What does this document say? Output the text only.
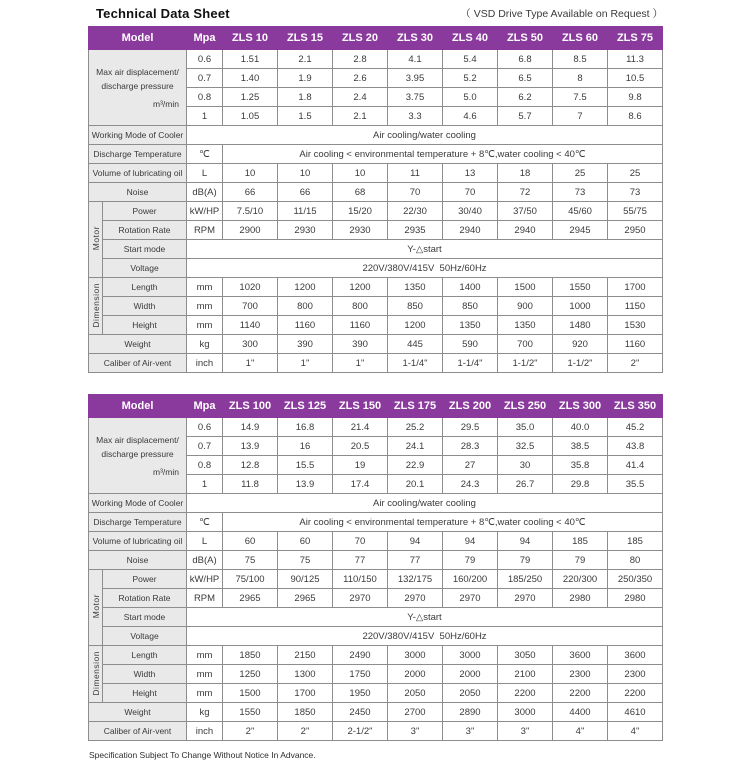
Technical Data Sheet	（ VSD Drive Type Available on Request ）
Model		Mpa	ZLS 10	ZLS 15	ZLS 20	ZLS 30	ZLS 40	ZLS 50	ZLS 60	ZLS 75

Max air displacement/
discharge pressure
m³/min		0.6	1.51	2.1	2.8	4.1	5.4	6.8	8.5	11.3
		0.7	1.40	1.9	2.6	3.95	5.2	6.5	8	10.5
		0.8	1.25	1.8	2.4	3.75	5.0	6.2	7.5	9.8
		1	1.05	1.5	2.1	3.3	4.6	5.7	7	8.6
Working Mode of Cooler		Air cooling/water cooling								
Discharge Temperature		℃	Air cooling < environmental temperature + 8℃,water cooling < 40℃							
Volume of lubricating oil		L	10	10	10	11	13	18	25	25
Noise		dB(A)	66	66	68	70	70	72	73	73
Motor	Power	kW/HP	7.5/10	11/15	15/20	22/30	30/40	37/50	45/60	55/75
	Rotation Rate	RPM	2900	2930	2930	2935	2940	2940	2945	2950
	Start mode	Y-△start								
	Voltage	220V/380V/415V  50Hz/60Hz								
Dimension	Length	mm	1020	1200	1200	1350	1400	1500	1550	1700
	Width	mm	700	800	800	850	850	900	1000	1150
	Height	mm	1140	1160	1160	1200	1350	1350	1480	1530
Weight		kg	300	390	390	445	590	700	920	1160
Caliber of Air-vent		inch	1"	1"	1"	1-1/4"	1-1/4"	1-1/2"	1-1/2"	2"
Model		Mpa	ZLS 100	ZLS 125	ZLS 150	ZLS 175	ZLS 200	ZLS 250	ZLS 300	ZLS 350

Max air displacement/
discharge pressure
m³/min		0.6	14.9	16.8	21.4	25.2	29.5	35.0	40.0	45.2
		0.7	13.9	16	20.5	24.1	28.3	32.5	38.5	43.8
		0.8	12.8	15.5	19	22.9	27	30	35.8	41.4
		1	11.8	13.9	17.4	20.1	24.3	26.7	29.8	35.5
Working Mode of Cooler		Air cooling/water cooling								
Discharge Temperature		℃	Air cooling < environmental temperature + 8℃,water cooling < 40℃							
Volume of lubricating oil		L	60	60	70	94	94	94	185	185
Noise		dB(A)	75	75	77	77	79	79	79	80
Motor	Power	kW/HP	75/100	90/125	110/150	132/175	160/200	185/250	220/300	250/350
	Rotation Rate	RPM	2965	2965	2970	2970	2970	2970	2980	2980
	Start mode	Y-△start								
	Voltage	220V/380V/415V  50Hz/60Hz								
Dimension	Length	mm	1850	2150	2490	3000	3000	3050	3600	3600
	Width	mm	1250	1300	1750	2000	2000	2100	2300	2300
	Height	mm	1500	1700	1950	2050	2050	2200	2200	2200
Weight		kg	1550	1850	2450	2700	2890	3000	4400	4610
Caliber of Air-vent		inch	2"	2"	2-1/2"	3"	3"	3"	4"	4"
Specification Subject To Change Without Notice In Advance.
